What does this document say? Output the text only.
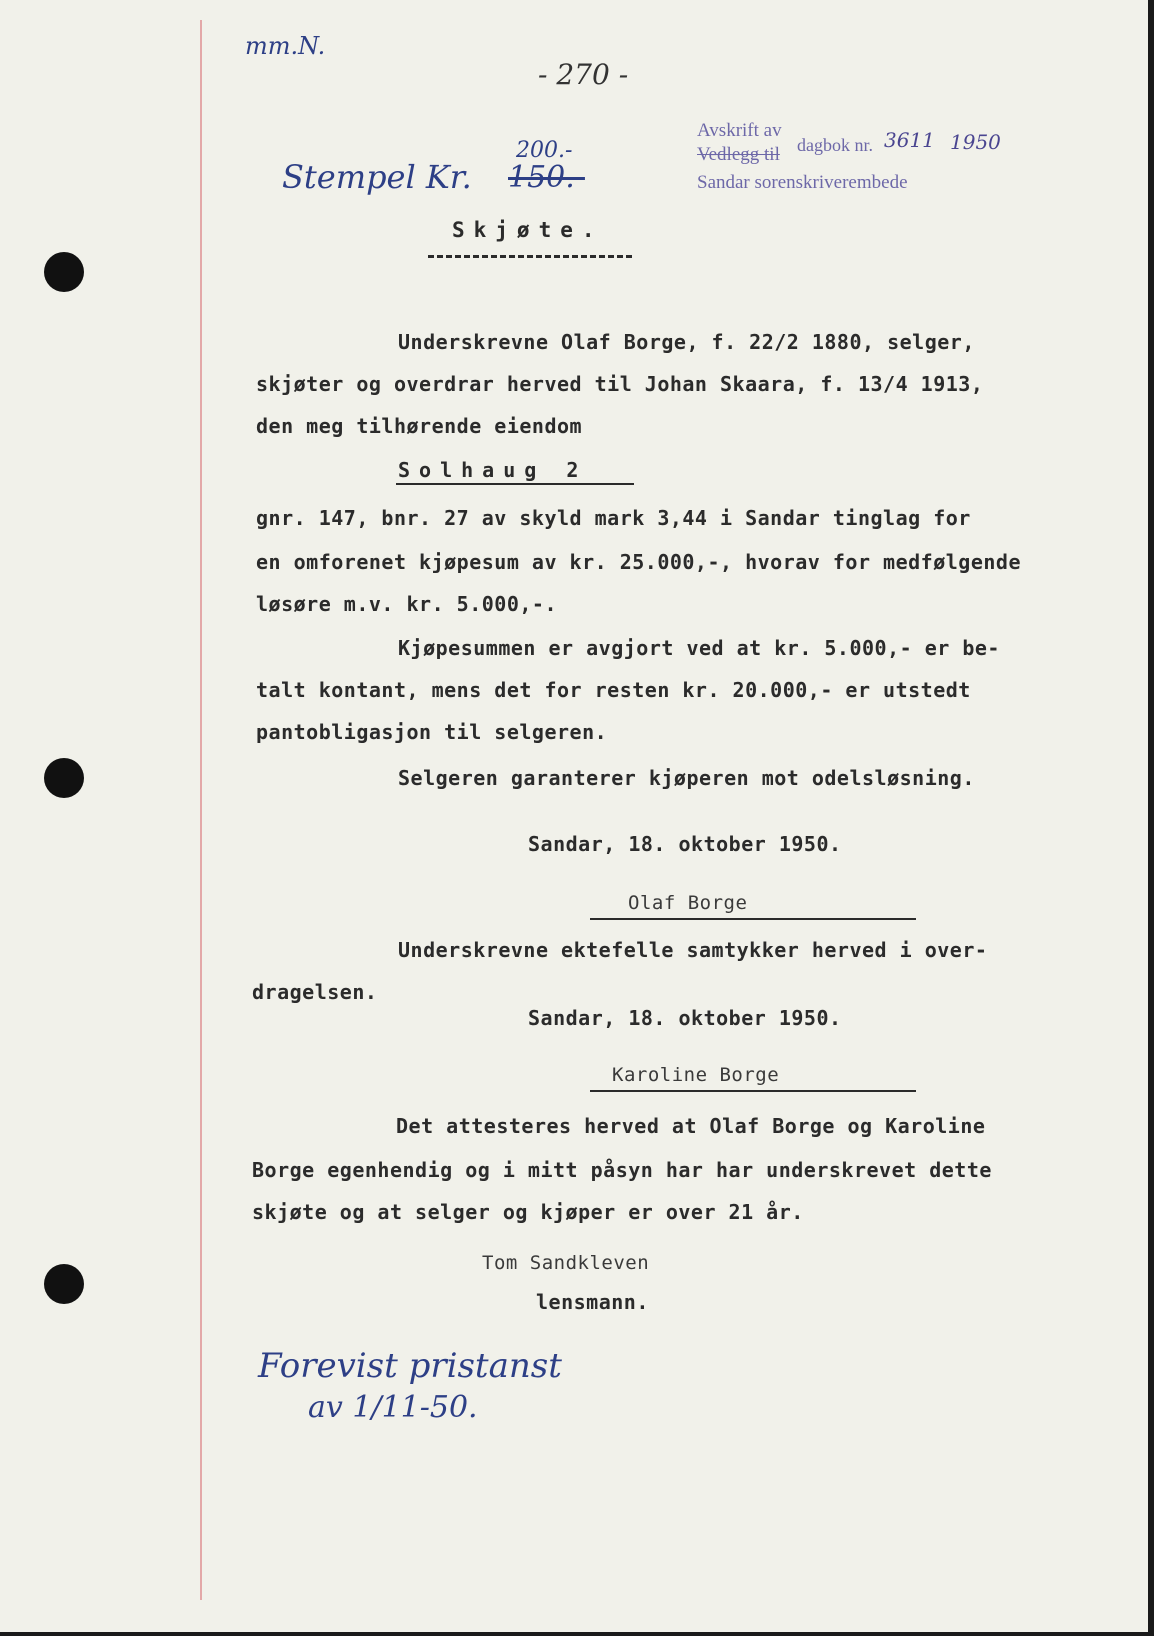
mm.N.
- 270 -
Stempel Kr. 150.-
200.-
Avskrift av
dagbok nr. 3611 1950
Vedlegg til
Sandar sorenskriverembede
Skjøte.
Underskrevne Olaf Borge, f. 22/2 1880, selger,
skjøter og overdrar herved til Johan Skaara, f. 13/4 1913,
den meg tilhørende eiendom
Solhaug 2
gnr. 147, bnr. 27 av skyld mark 3,44 i Sandar tinglag for
en omforenet kjøpesum av kr. 25.000,-, hvorav for medfølgende
løsøre m.v. kr. 5.000,-.
Kjøpesummen er avgjort ved at kr. 5.000,- er be-
talt kontant, mens det for resten kr. 20.000,- er utstedt
pantobligasjon til selgeren.
Selgeren garanterer kjøperen mot odelsløsning.
Sandar, 18. oktober 1950.
Olaf Borge
Underskrevne ektefelle samtykker herved i over-
dragelsen.
Sandar, 18. oktober 1950.
Karoline Borge
Det attesteres herved at Olaf Borge og Karoline
Borge egenhendig og i mitt påsyn har har underskrevet dette
skjøte og at selger og kjøper er over 21 år.
Tom Sandkleven
lensmann.
Forevist pristanst
av 1/11-50.
